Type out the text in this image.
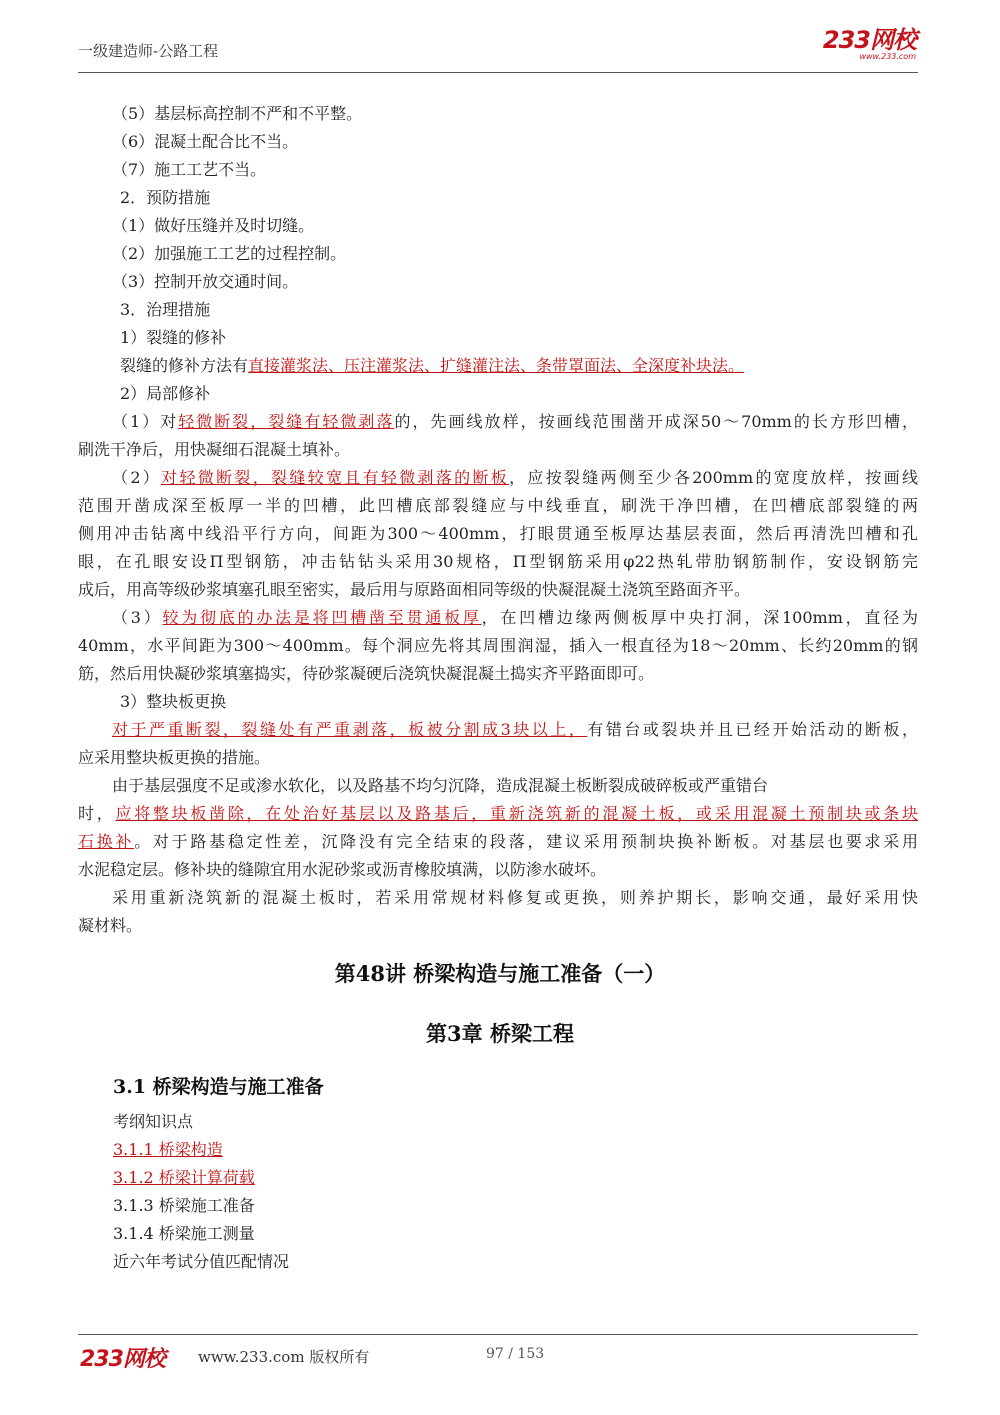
一级建造师-公路工程	233网校
www.233.com

（5）基层标高控制不严和不平整。

（6）混凝土配合比不当。

（7）施工工艺不当。

2．预防措施

（1）做好压缝并及时切缝。

（2）加强施工工艺的过程控制。

（3）控制开放交通时间。

3．治理措施

1）裂缝的修补

裂缝的修补方法有直接灌浆法、压注灌浆法、扩缝灌注法、条带罩面法、全深度补块法。

2）局部修补

（1）对轻微断裂，裂缝有轻微剥落的，先画线放样，按画线范围凿开成深50～70mm的长方形凹槽，

刷洗干净后，用快凝细石混凝土填补。

（2）对轻微断裂，裂缝较宽且有轻微剥落的断板，应按裂缝两侧至少各200mm的宽度放样，按画线

范围开凿成深至板厚一半的凹槽，此凹槽底部裂缝应与中线垂直，刷洗干净凹槽，在凹槽底部裂缝的两

侧用冲击钻离中线沿平行方向，间距为300～400mm，打眼贯通至板厚达基层表面，然后再清洗凹槽和孔

眼，在孔眼安设Π型钢筋，冲击钻钻头采用30规格，Π型钢筋采用φ22热轧带肋钢筋制作，安设钢筋完

成后，用高等级砂浆填塞孔眼至密实，最后用与原路面相同等级的快凝混凝土浇筑至路面齐平。

（3）较为彻底的办法是将凹槽凿至贯通板厚，在凹槽边缘两侧板厚中央打洞，深100mm，直径为

40mm，水平间距为300～400mm。每个洞应先将其周围润湿，插入一根直径为18～20mm、长约20mm的钢

筋，然后用快凝砂浆填塞捣实，待砂浆凝硬后浇筑快凝混凝土捣实齐平路面即可。

3）整块板更换

对于严重断裂，裂缝处有严重剥落，板被分割成3块以上，有错台或裂块并且已经开始活动的断板，

应采用整块板更换的措施。

由于基层强度不足或渗水软化，以及路基不均匀沉降，造成混凝土板断裂成破碎板或严重错台

时，应将整块板凿除，在处治好基层以及路基后，重新浇筑新的混凝土板，或采用混凝土预制块或条块

石换补。对于路基稳定性差，沉降没有完全结束的段落，建议采用预制块换补断板。对基层也要求采用

水泥稳定层。修补块的缝隙宜用水泥砂浆或沥青橡胶填满，以防渗水破坏。

采用重新浇筑新的混凝土板时，若采用常规材料修复或更换，则养护期长，影响交通，最好采用快

凝材料。

第48讲 桥梁构造与施工准备（一）
第3章 桥梁工程
3.1 桥梁构造与施工准备

考纲知识点

3.1.1 桥梁构造

3.1.2 桥梁计算荷载

3.1.3 桥梁施工准备

3.1.4 桥梁施工测量

近六年考试分值匹配情况

233网校 www.233.com 版权所有	97 / 153
